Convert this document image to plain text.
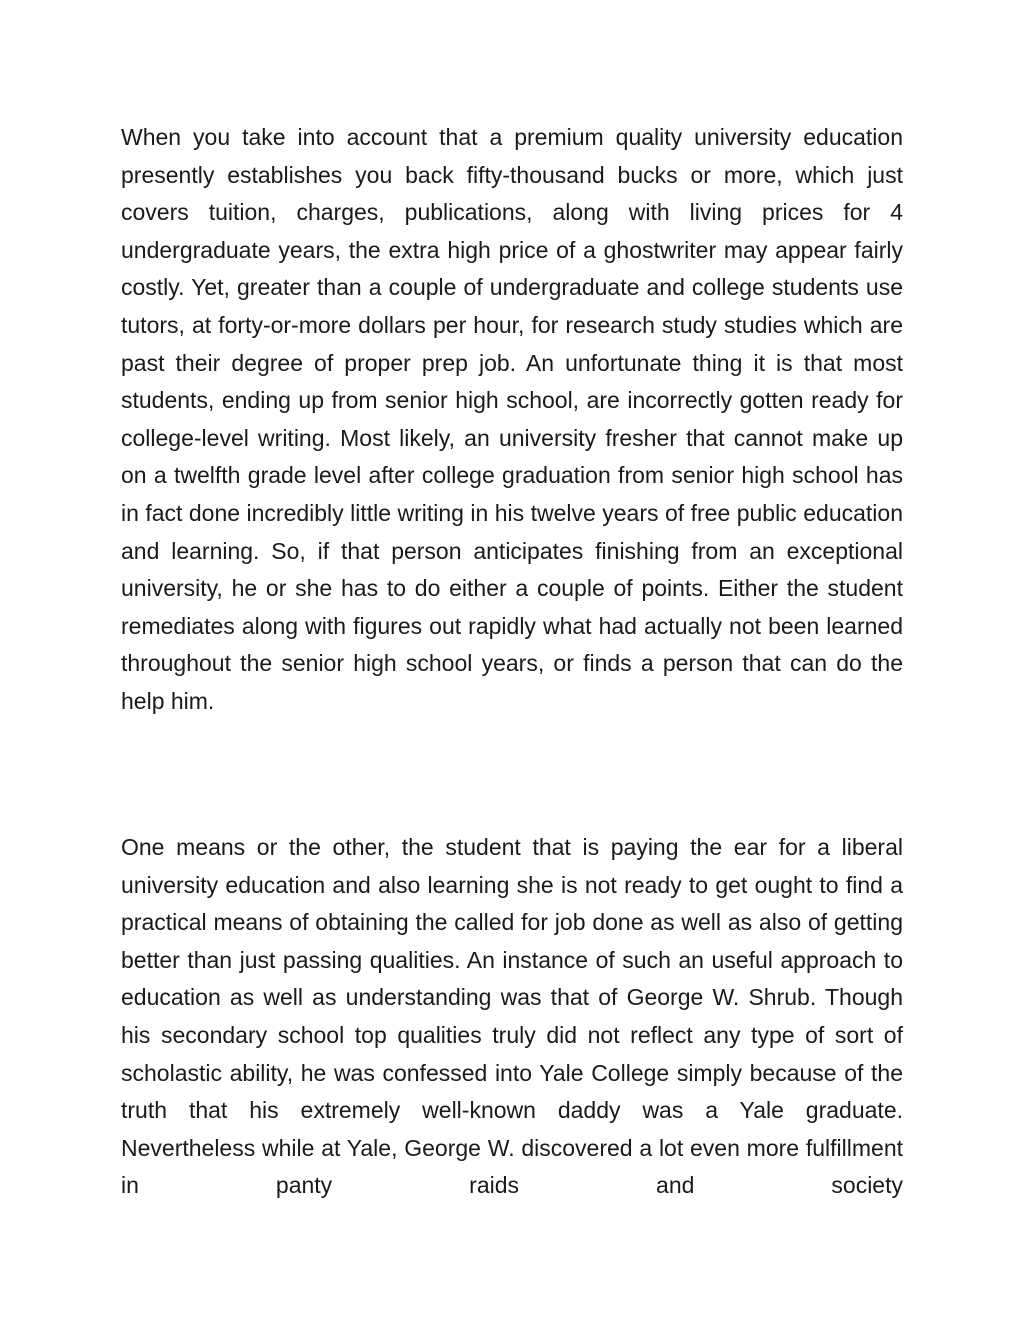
When you take into account that a premium quality university education presently establishes you back fifty-thousand bucks or more, which just covers tuition, charges, publications, along with living prices for 4 undergraduate years, the extra high price of a ghostwriter may appear fairly costly. Yet, greater than a couple of undergraduate and college students use tutors, at forty-or-more dollars per hour, for research study studies which are past their degree of proper prep job. An unfortunate thing it is that most students, ending up from senior high school, are incorrectly gotten ready for college-level writing. Most likely, an university fresher that cannot make up on a twelfth grade level after college graduation from senior high school has in fact done incredibly little writing in his twelve years of free public education and learning. So, if that person anticipates finishing from an exceptional university, he or she has to do either a couple of points. Either the student remediates along with figures out rapidly what had actually not been learned throughout the senior high school years, or finds a person that can do the help him.

One means or the other, the student that is paying the ear for a liberal university education and also learning she is not ready to get ought to find a practical means of obtaining the called for job done as well as also of getting better than just passing qualities. An instance of such an useful approach to education as well as understanding was that of George W. Shrub. Though his secondary school top qualities truly did not reflect any type of sort of scholastic ability, he was confessed into Yale College simply because of the truth that his extremely well-known daddy was a Yale graduate. Nevertheless while at Yale, George W. discovered a lot even more fulfillment in panty raids and society
